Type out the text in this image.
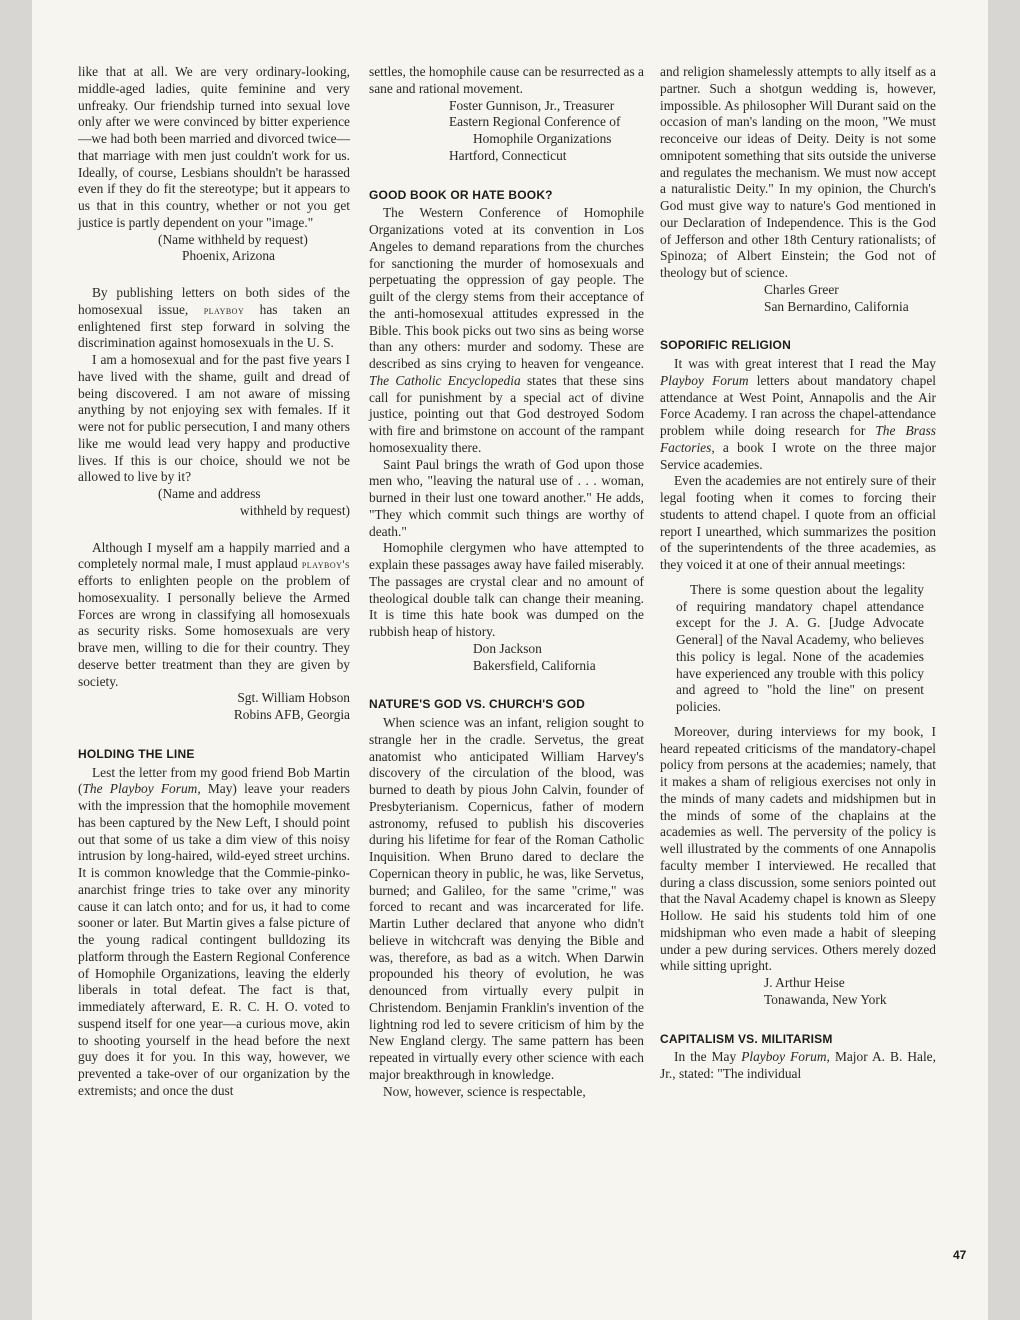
like that at all. We are very ordinary-looking, middle-aged ladies, quite feminine and very unfreaky. Our friendship turned into sexual love only after we were convinced by bitter experience—we had both been married and divorced twice—that marriage with men just couldn't work for us. Ideally, of course, Lesbians shouldn't be harassed even if they do fit the stereotype; but it appears to us that in this country, whether or not you get justice is partly dependent on your "image."

(Name withheld by request)

Phoenix, Arizona

By publishing letters on both sides of the homosexual issue, playboy has taken an enlightened first step forward in solving the discrimination against homosexuals in the U. S.

I am a homosexual and for the past five years I have lived with the shame, guilt and dread of being discovered. I am not aware of missing anything by not enjoying sex with females. If it were not for public persecution, I and many others like me would lead very happy and productive lives. If this is our choice, should we not be allowed to live by it?

(Name and address

withheld by request)

Although I myself am a happily married and a completely normal male, I must applaud playboy's efforts to enlighten people on the problem of homosexuality. I personally believe the Armed Forces are wrong in classifying all homosexuals as security risks. Some homosexuals are very brave men, willing to die for their country. They deserve better treatment than they are given by society.

Sgt. William Hobson

Robins AFB, Georgia

HOLDING THE LINE

Lest the letter from my good friend Bob Martin (The Playboy Forum, May) leave your readers with the impression that the homophile movement has been captured by the New Left, I should point out that some of us take a dim view of this noisy intrusion by long-haired, wild-eyed street urchins. It is common knowledge that the Commie-pinko-anarchist fringe tries to take over any minority cause it can latch onto; and for us, it had to come sooner or later. But Martin gives a false picture of the young radical contingent bulldozing its platform through the Eastern Regional Conference of Homophile Organizations, leaving the elderly liberals in total defeat. The fact is that, immediately afterward, E. R. C. H. O. voted to suspend itself for one year—a curious move, akin to shooting yourself in the head before the next guy does it for you. In this way, however, we prevented a take-over of our organization by the extremists; and once the dust

settles, the homophile cause can be resurrected as a sane and rational movement.

Foster Gunnison, Jr., Treasurer

Eastern Regional Conference of

Homophile Organizations

Hartford, Connecticut

GOOD BOOK OR HATE BOOK?

The Western Conference of Homophile Organizations voted at its convention in Los Angeles to demand reparations from the churches for sanctioning the murder of homosexuals and perpetuating the oppression of gay people. The guilt of the clergy stems from their acceptance of the anti-homosexual attitudes expressed in the Bible. This book picks out two sins as being worse than any others: murder and sodomy. These are described as sins crying to heaven for vengeance. The Catholic Encyclopedia states that these sins call for punishment by a special act of divine justice, pointing out that God destroyed Sodom with fire and brimstone on account of the rampant homosexuality there.

Saint Paul brings the wrath of God upon those men who, "leaving the natural use of . . . woman, burned in their lust one toward another." He adds, "They which commit such things are worthy of death."

Homophile clergymen who have attempted to explain these passages away have failed miserably. The passages are crystal clear and no amount of theological double talk can change their meaning. It is time this hate book was dumped on the rubbish heap of history.

Don Jackson

Bakersfield, California

NATURE'S GOD VS. CHURCH'S GOD

When science was an infant, religion sought to strangle her in the cradle. Servetus, the great anatomist who anticipated William Harvey's discovery of the circulation of the blood, was burned to death by pious John Calvin, founder of Presbyterianism. Copernicus, father of modern astronomy, refused to publish his discoveries during his lifetime for fear of the Roman Catholic Inquisition. When Bruno dared to declare the Copernican theory in public, he was, like Servetus, burned; and Galileo, for the same "crime," was forced to recant and was incarcerated for life. Martin Luther declared that anyone who didn't believe in witchcraft was denying the Bible and was, therefore, as bad as a witch. When Darwin propounded his theory of evolution, he was denounced from virtually every pulpit in Christendom. Benjamin Franklin's invention of the lightning rod led to severe criticism of him by the New England clergy. The same pattern has been repeated in virtually every other science with each major breakthrough in knowledge.

Now, however, science is respectable,

and religion shamelessly attempts to ally itself as a partner. Such a shotgun wedding is, however, impossible. As philosopher Will Durant said on the occasion of man's landing on the moon, "We must reconceive our ideas of Deity. Deity is not some omnipotent something that sits outside the universe and regulates the mechanism. We must now accept a naturalistic Deity." In my opinion, the Church's God must give way to nature's God mentioned in our Declaration of Independence. This is the God of Jefferson and other 18th Century rationalists; of Spinoza; of Albert Einstein; the God not of theology but of science.

Charles Greer

San Bernardino, California

SOPORIFIC RELIGION

It was with great interest that I read the May Playboy Forum letters about mandatory chapel attendance at West Point, Annapolis and the Air Force Academy. I ran across the chapel-attendance problem while doing research for The Brass Factories, a book I wrote on the three major Service academies.

Even the academies are not entirely sure of their legal footing when it comes to forcing their students to attend chapel. I quote from an official report I unearthed, which summarizes the position of the superintendents of the three academies, as they voiced it at one of their annual meetings:

There is some question about the legality of requiring mandatory chapel attendance except for the J. A. G. [Judge Advocate General] of the Naval Academy, who believes this policy is legal. None of the academies have experienced any trouble with this policy and agreed to "hold the line" on present policies.

Moreover, during interviews for my book, I heard repeated criticisms of the mandatory-chapel policy from persons at the academies; namely, that it makes a sham of religious exercises not only in the minds of many cadets and midshipmen but in the minds of some of the chaplains at the academies as well. The perversity of the policy is well illustrated by the comments of one Annapolis faculty member I interviewed. He recalled that during a class discussion, some seniors pointed out that the Naval Academy chapel is known as Sleepy Hollow. He said his students told him of one midshipman who even made a habit of sleeping under a pew during services. Others merely dozed while sitting upright.

J. Arthur Heise

Tonawanda, New York

CAPITALISM VS. MILITARISM

In the May Playboy Forum, Major A. B. Hale, Jr., stated: "The individual

47
